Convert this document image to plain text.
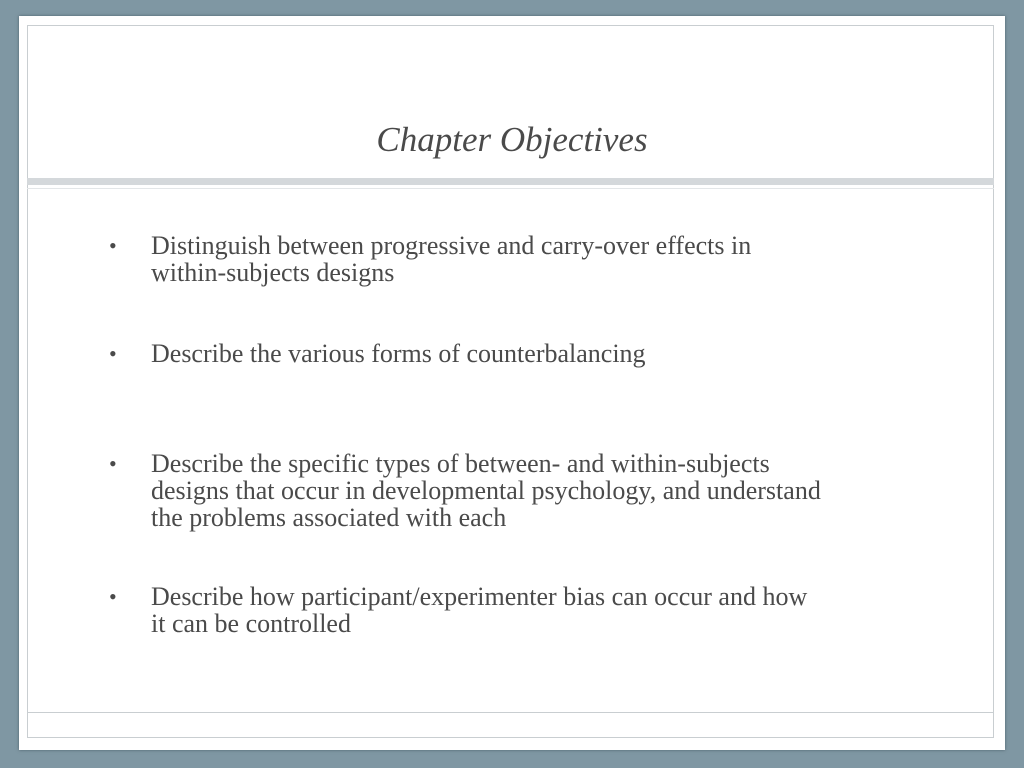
Chapter Objectives
•	Distinguish between progressive and carry-over effects in
within-subjects designs
•	Describe the various forms of counterbalancing
•	Describe the specific types of between- and within-subjects
designs that occur in developmental psychology, and understand
the problems associated with each
•	Describe how participant/experimenter bias can occur and how
it can be controlled
